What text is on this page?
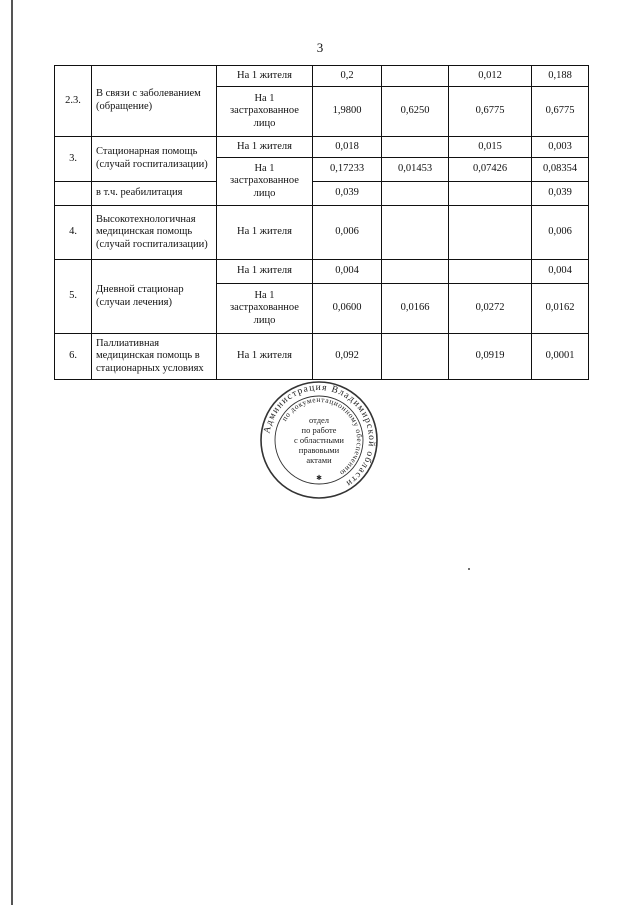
3
2.3.	В связи с заболеванием (обращение)	На 1 жителя	0,2		0,012	0,188
		На 1 застрахованное лицо	1,9800	0,6250	0,6775	0,6775
3.	Стационарная помощь (случай госпитализации)	На 1 жителя	0,018		0,015	0,003
		На 1 застрахованное лицо	0,17233	0,01453	0,07426	0,08354
	в т.ч. реабилитация		0,039			0,039
4.	Высокотехнологичная медицинская помощь (случай госпитализации)	На 1 жителя	0,006			0,006
5.	Дневной стационар (случаи лечения)	На 1 жителя	0,004			0,004
		На 1 застрахованное лицо	0,0600	0,0166	0,0272	0,0162
6.	Паллиативная медицинская помощь в стационарных условиях	На 1 жителя	0,092		0,0919	0,0001
Администрация Владимирской области
по документационному обеспечению
отдел
по работе
с областными
правовыми
актами
✱
